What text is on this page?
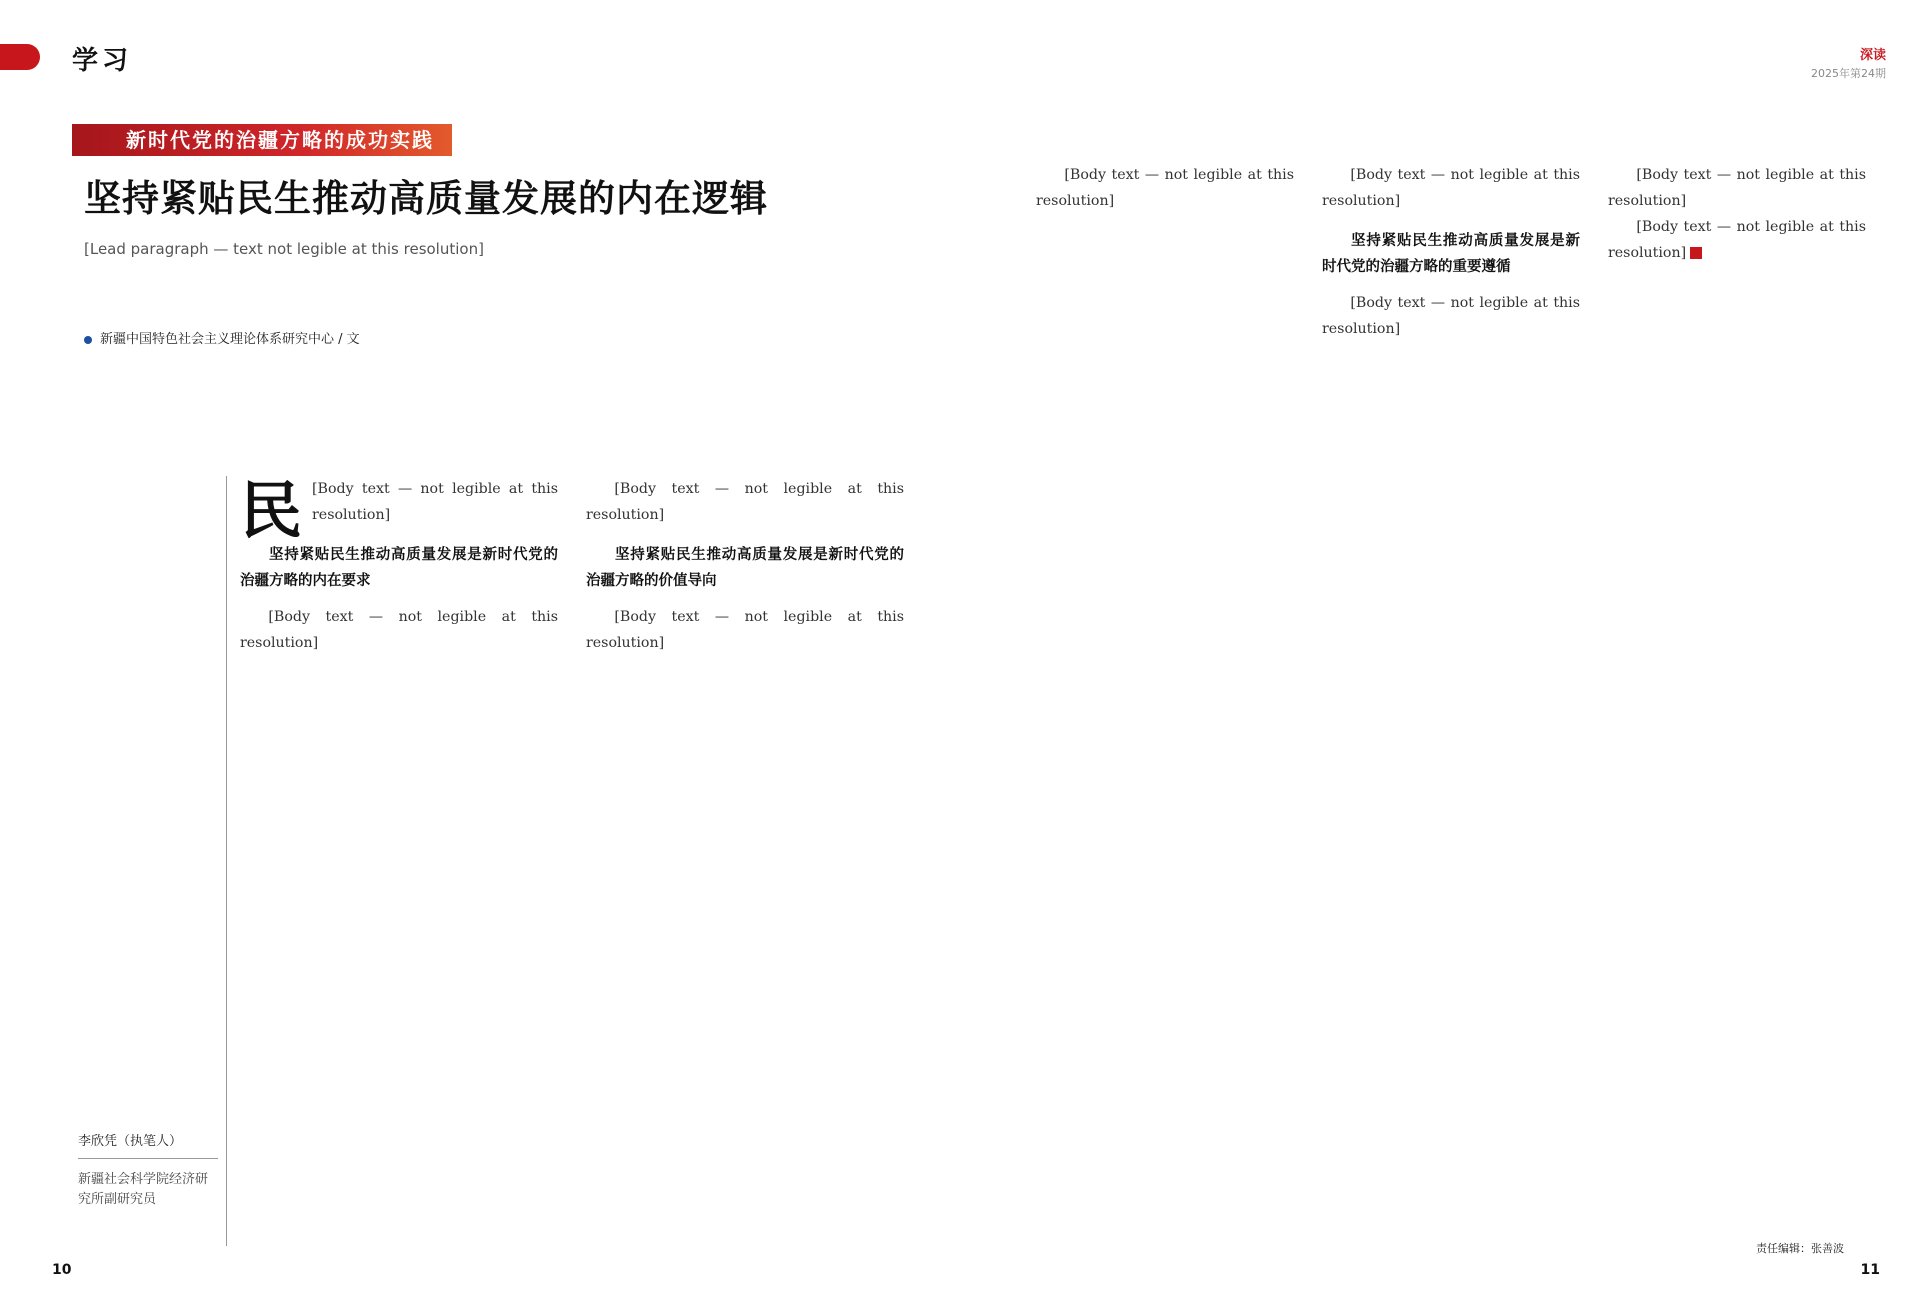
学习	深读
2025年第24期
新时代党的治疆方略的成功实践
坚持紧贴民生推动高质量发展的内在逻辑
[Lead paragraph — text not legible at this resolution]
新疆中国特色社会主义理论体系研究中心 / 文

民 [Body text — not legible at this resolution]

坚持紧贴民生推动高质量发展是新时代党的治疆方略的内在要求

[Body text — not legible at this resolution]

[Body text — not legible at this resolution]

坚持紧贴民生推动高质量发展是新时代党的治疆方略的价值导向

[Body text — not legible at this resolution]

[Body text — not legible at this resolution]

[Body text — not legible at this resolution]

坚持紧贴民生推动高质量发展是新时代党的治疆方略的重要遵循

[Body text — not legible at this resolution]

[Body text — not legible at this resolution]

[Body text — not legible at this resolution]

李欣凭（执笔人）
新疆社会科学院经济研究所副研究员
10
责任编辑：张善波
11
